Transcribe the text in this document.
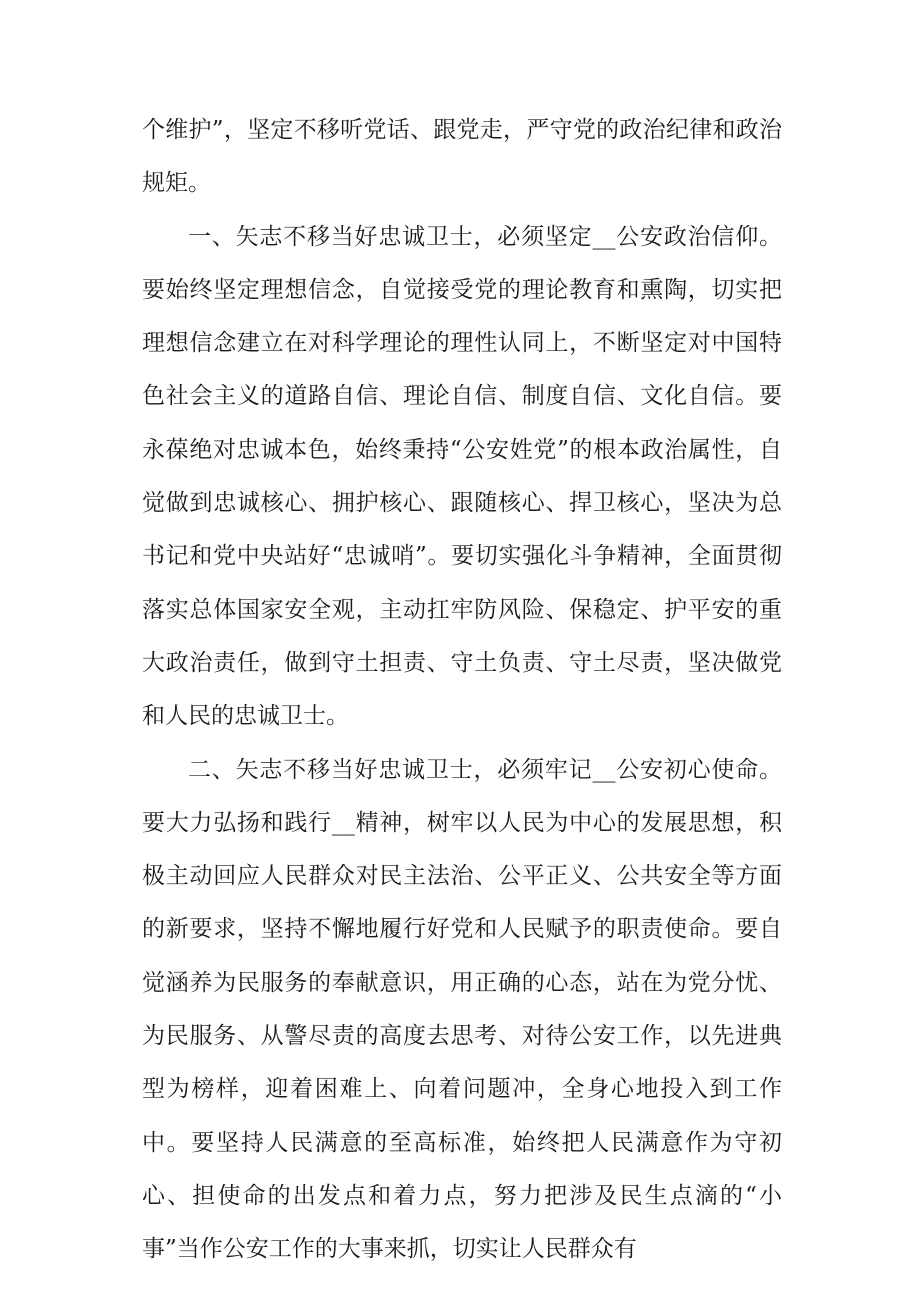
个维护”，坚定不移听党话、跟党走，严守党的政治纪律和政治规矩。

一、矢志不移当好忠诚卫士，必须坚定__公安政治信仰。要始终坚定理想信念，自觉接受党的理论教育和熏陶，切实把理想信念建立在对科学理论的理性认同上，不断坚定对中国特色社会主义的道路自信、理论自信、制度自信、文化自信。要永葆绝对忠诚本色，始终秉持“公安姓党”的根本政治属性，自觉做到忠诚核心、拥护核心、跟随核心、捍卫核心，坚决为总书记和党中央站好“忠诚哨”。要切实强化斗争精神，全面贯彻落实总体国家安全观，主动扛牢防风险、保稳定、护平安的重大政治责任，做到守土担责、守土负责、守土尽责，坚决做党和人民的忠诚卫士。

二、矢志不移当好忠诚卫士，必须牢记__公安初心使命。要大力弘扬和践行__精神，树牢以人民为中心的发展思想，积极主动回应人民群众对民主法治、公平正义、公共安全等方面的新要求，坚持不懈地履行好党和人民赋予的职责使命。要自觉涵养为民服务的奉献意识，用正确的心态，站在为党分忧、为民服务、从警尽责的高度去思考、对待公安工作，以先进典型为榜样，迎着困难上、向着问题冲，全身心地投入到工作中。要坚持人民满意的至高标准，始终把人民满意作为守初心、担使命的出发点和着力点，努力把涉及民生点滴的“小事”当作公安工作的大事来抓，切实让人民群众有
